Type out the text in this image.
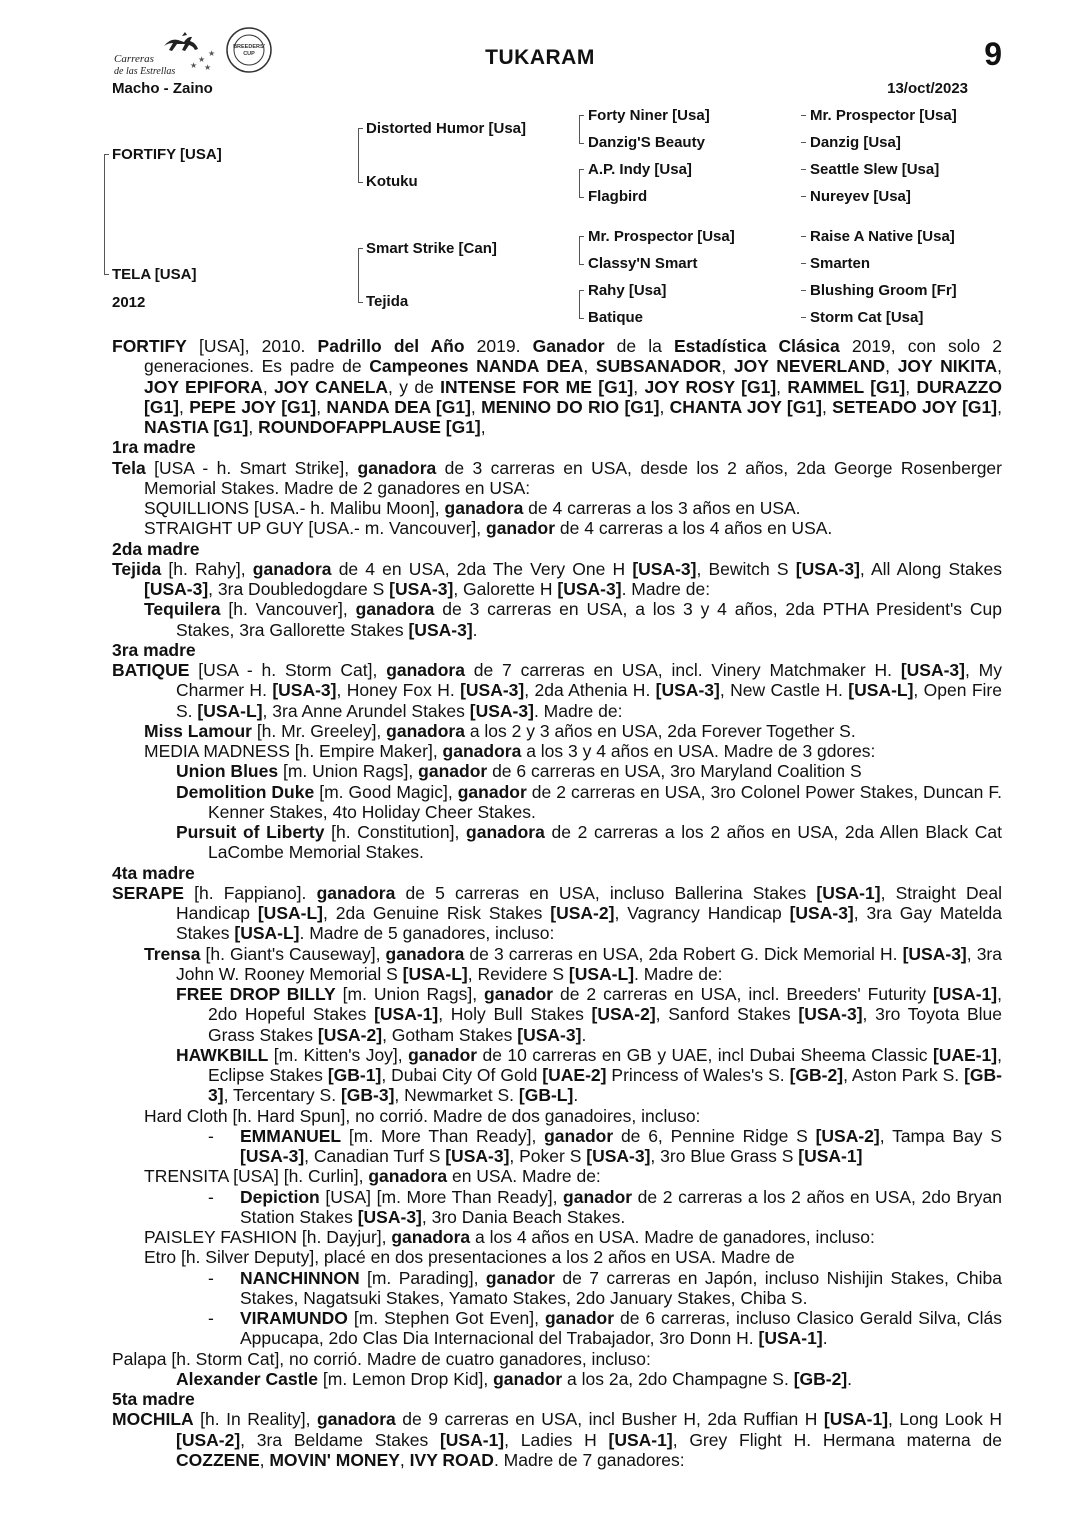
Carreras
de las Estrellas
★
★
★
★
BREEDERS'
CUP	TUKARAM	9
Macho - Zaino	13/oct/2023
FORTIFY [USA]
TELA [USA]
2012
Distorted Humor [Usa]
Kotuku
Smart Strike [Can]
Tejida
Forty Niner [Usa]
Danzig'S Beauty
A.P. Indy [Usa]
Flagbird
Mr. Prospector [Usa]
Classy'N Smart
Rahy [Usa]
Batique
Mr. Prospector [Usa]
Danzig [Usa]
Seattle Slew [Usa]
Nureyev [Usa]
Raise A Native [Usa]
Smarten
Blushing Groom [Fr]
Storm Cat [Usa]

FORTIFY [USA], 2010. Padrillo del Año 2019. Ganador de la Estadística Clásica 2019, con solo 2 generaciones. Es padre de Campeones NANDA DEA, SUBSANADOR, JOY NEVERLAND, JOY NIKITA, JOY EPIFORA, JOY CANELA, y de INTENSE FOR ME [G1], JOY ROSY [G1], RAMMEL [G1], DURAZZO [G1], PEPE JOY [G1], NANDA DEA [G1], MENINO DO RIO [G1], CHANTA JOY [G1], SETEADO JOY [G1], NASTIA [G1], ROUNDOFAPPLAUSE [G1],

1ra madre

Tela [USA - h. Smart Strike], ganadora de 3 carreras en USA, desde los 2 años, 2da George Rosenberger Memorial Stakes. Madre de 2 ganadores en USA:

SQUILLIONS [USA.- h. Malibu Moon], ganadora de 4 carreras a los 3 años en USA.

STRAIGHT UP GUY [USA.- m. Vancouver], ganador de 4 carreras a los 4 años en USA.

2da madre

Tejida [h. Rahy], ganadora de 4 en USA, 2da The Very One H [USA-3], Bewitch S [USA-3], All Along Stakes [USA-3], 3ra Doubledogdare S [USA-3], Galorette H [USA-3]. Madre de:

Tequilera [h. Vancouver], ganadora de 3 carreras en USA, a los 3 y 4 años, 2da PTHA President's Cup Stakes, 3ra Gallorette Stakes [USA-3].

3ra madre

BATIQUE [USA - h. Storm Cat], ganadora de 7 carreras en USA, incl. Vinery Matchmaker H. [USA-3], My Charmer H. [USA-3], Honey Fox H. [USA-3], 2da Athenia H. [USA-3], New Castle H. [USA-L], Open Fire S. [USA-L], 3ra Anne Arundel Stakes [USA-3]. Madre de:

Miss Lamour [h. Mr. Greeley], ganadora a los 2 y 3 años en USA, 2da Forever Together S.

MEDIA MADNESS [h. Empire Maker], ganadora a los 3 y 4 años en USA. Madre de 3 gdores:

Union Blues [m. Union Rags], ganador de 6 carreras en USA, 3ro Maryland Coalition S

Demolition Duke [m. Good Magic], ganador de 2 carreras en USA, 3ro Colonel Power Stakes, Duncan F. Kenner Stakes, 4to Holiday Cheer Stakes.

Pursuit of Liberty [h. Constitution], ganadora de 2 carreras a los 2 años en USA, 2da Allen Black Cat LaCombe Memorial Stakes.

4ta madre

SERAPE [h. Fappiano]. ganadora de 5 carreras en USA, incluso Ballerina Stakes [USA-1], Straight Deal Handicap [USA-L], 2da Genuine Risk Stakes [USA-2], Vagrancy Handicap [USA-3], 3ra Gay Matelda Stakes [USA-L]. Madre de 5 ganadores, incluso:

Trensa [h. Giant's Causeway], ganadora de 3 carreras en USA, 2da Robert G. Dick Memorial H. [USA-3], 3ra John W. Rooney Memorial S [USA-L], Revidere S [USA-L]. Madre de:

FREE DROP BILLY [m. Union Rags], ganador de 2 carreras en USA, incl. Breeders' Futurity [USA-1], 2do Hopeful Stakes [USA-1], Holy Bull Stakes [USA-2], Sanford Stakes [USA-3], 3ro Toyota Blue Grass Stakes [USA-2], Gotham Stakes [USA-3].

HAWKBILL [m. Kitten's Joy], ganador de 10 carreras en GB y UAE, incl Dubai Sheema Classic [UAE-1], Eclipse Stakes [GB-1], Dubai City Of Gold [UAE-2] Princess of Wales's S. [GB-2], Aston Park S. [GB-3], Tercentary S. [GB-3], Newmarket S. [GB-L].

Hard Cloth [h. Hard Spun], no corrió. Madre de dos ganadoires, incluso:

- EMMANUEL [m. More Than Ready], ganador de 6, Pennine Ridge S [USA-2], Tampa Bay S [USA-3], Canadian Turf S [USA-3], Poker S [USA-3], 3ro Blue Grass S [USA-1]

TRENSITA [USA] [h. Curlin], ganadora en USA. Madre de:

- Depiction [USA] [m. More Than Ready], ganador de 2 carreras a los 2 años en USA, 2do Bryan Station Stakes [USA-3], 3ro Dania Beach Stakes.

PAISLEY FASHION [h. Dayjur], ganadora a los 4 años en USA. Madre de ganadores, incluso:

Etro [h. Silver Deputy], placé en dos presentaciones a los 2 años en USA. Madre de

- NANCHINNON [m. Parading], ganador de 7 carreras en Japón, incluso Nishijin Stakes, Chiba Stakes, Nagatsuki Stakes, Yamato Stakes, 2do January Stakes, Chiba S.

- VIRAMUNDO [m. Stephen Got Even], ganador de 6 carreras, incluso Clasico Gerald Silva, Clás Appucapa, 2do Clas Dia Internacional del Trabajador, 3ro Donn H. [USA-1].

Palapa [h. Storm Cat], no corrió. Madre de cuatro ganadores, incluso:

Alexander Castle [m. Lemon Drop Kid], ganador a los 2a, 2do Champagne S. [GB-2].

5ta madre

MOCHILA [h. In Reality], ganadora de 9 carreras en USA, incl Busher H, 2da Ruffian H [USA-1], Long Look H [USA-2], 3ra Beldame Stakes [USA-1], Ladies H [USA-1], Grey Flight H. Hermana materna de COZZENE, MOVIN' MONEY, IVY ROAD. Madre de 7 ganadores:
